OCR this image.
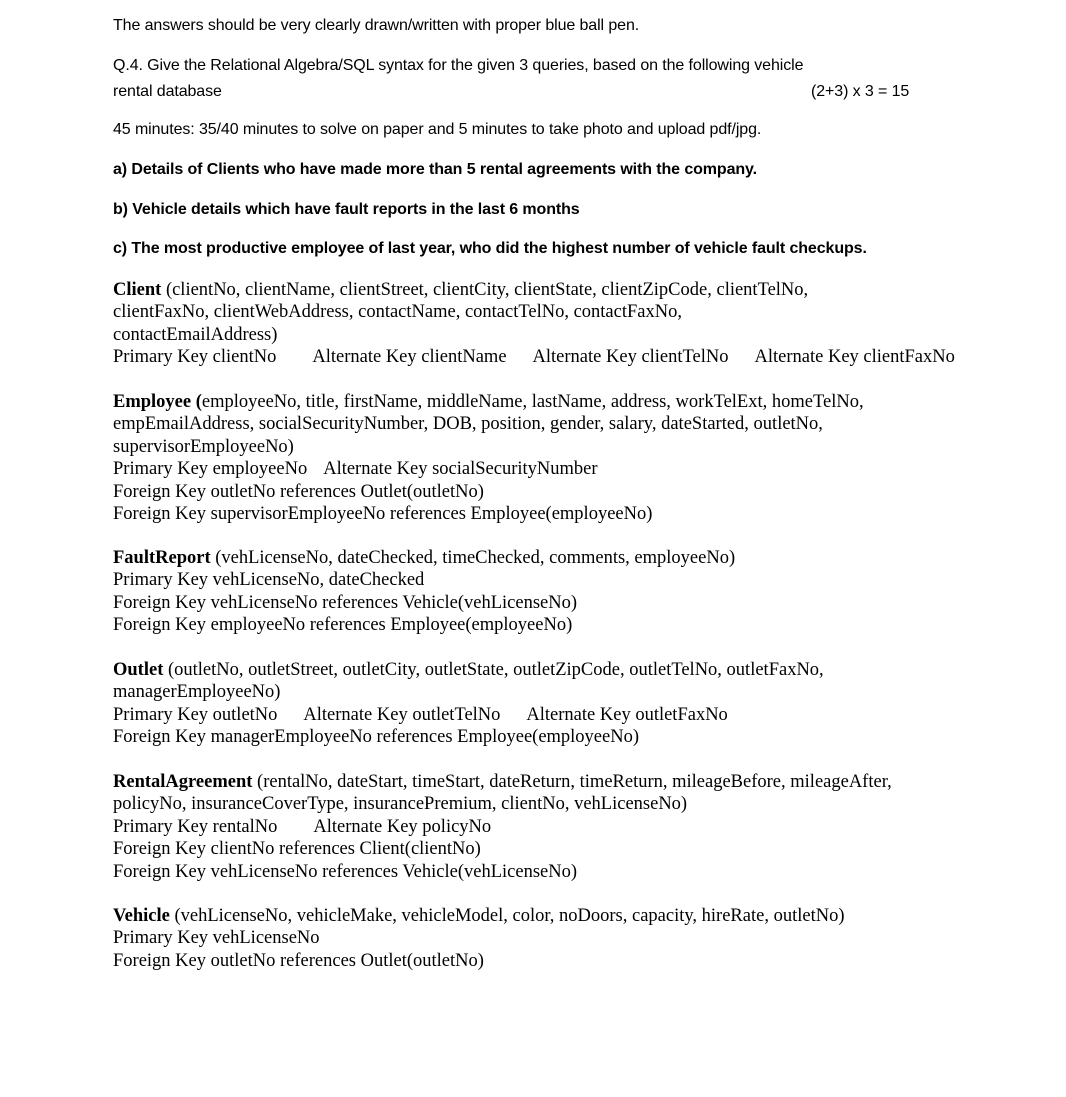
The answers should be very clearly drawn/written with proper blue ball pen.
Q.4. Give the Relational Algebra/SQL syntax for the given 3 queries, based on the following vehicle
rental database	(2+3) x 3 = 15
45 minutes: 35/40 minutes to solve on paper and 5 minutes to take photo and upload pdf/jpg.
a) Details of Clients who have made more than 5 rental agreements with the company.
b) Vehicle details which have fault reports in the last 6 months
c) The most productive employee of last year, who did the highest number of vehicle fault checkups.
Client (clientNo, clientName, clientStreet, clientCity, clientState, clientZipCode, clientTelNo,
clientFaxNo, clientWebAddress, contactName, contactTelNo, contactFaxNo,
contactEmailAddress)
Primary Key clientNo Alternate Key clientName Alternate Key clientTelNo Alternate Key clientFaxNo
Employee (employeeNo, title, firstName, middleName, lastName, address, workTelExt, homeTelNo,
empEmailAddress, socialSecurityNumber, DOB, position, gender, salary, dateStarted, outletNo,
supervisorEmployeeNo)
Primary Key employeeNo Alternate Key socialSecurityNumber
Foreign Key outletNo references Outlet(outletNo)
Foreign Key supervisorEmployeeNo references Employee(employeeNo)
FaultReport (vehLicenseNo, dateChecked, timeChecked, comments, employeeNo)
Primary Key vehLicenseNo, dateChecked
Foreign Key vehLicenseNo references Vehicle(vehLicenseNo)
Foreign Key employeeNo references Employee(employeeNo)
Outlet (outletNo, outletStreet, outletCity, outletState, outletZipCode, outletTelNo, outletFaxNo,
managerEmployeeNo)
Primary Key outletNo Alternate Key outletTelNo Alternate Key outletFaxNo
Foreign Key managerEmployeeNo references Employee(employeeNo)
RentalAgreement (rentalNo, dateStart, timeStart, dateReturn, timeReturn, mileageBefore, mileageAfter,
policyNo, insuranceCoverType, insurancePremium, clientNo, vehLicenseNo)
Primary Key rentalNo Alternate Key policyNo
Foreign Key clientNo references Client(clientNo)
Foreign Key vehLicenseNo references Vehicle(vehLicenseNo)
Vehicle (vehLicenseNo, vehicleMake, vehicleModel, color, noDoors, capacity, hireRate, outletNo)
Primary Key vehLicenseNo
Foreign Key outletNo references Outlet(outletNo)
